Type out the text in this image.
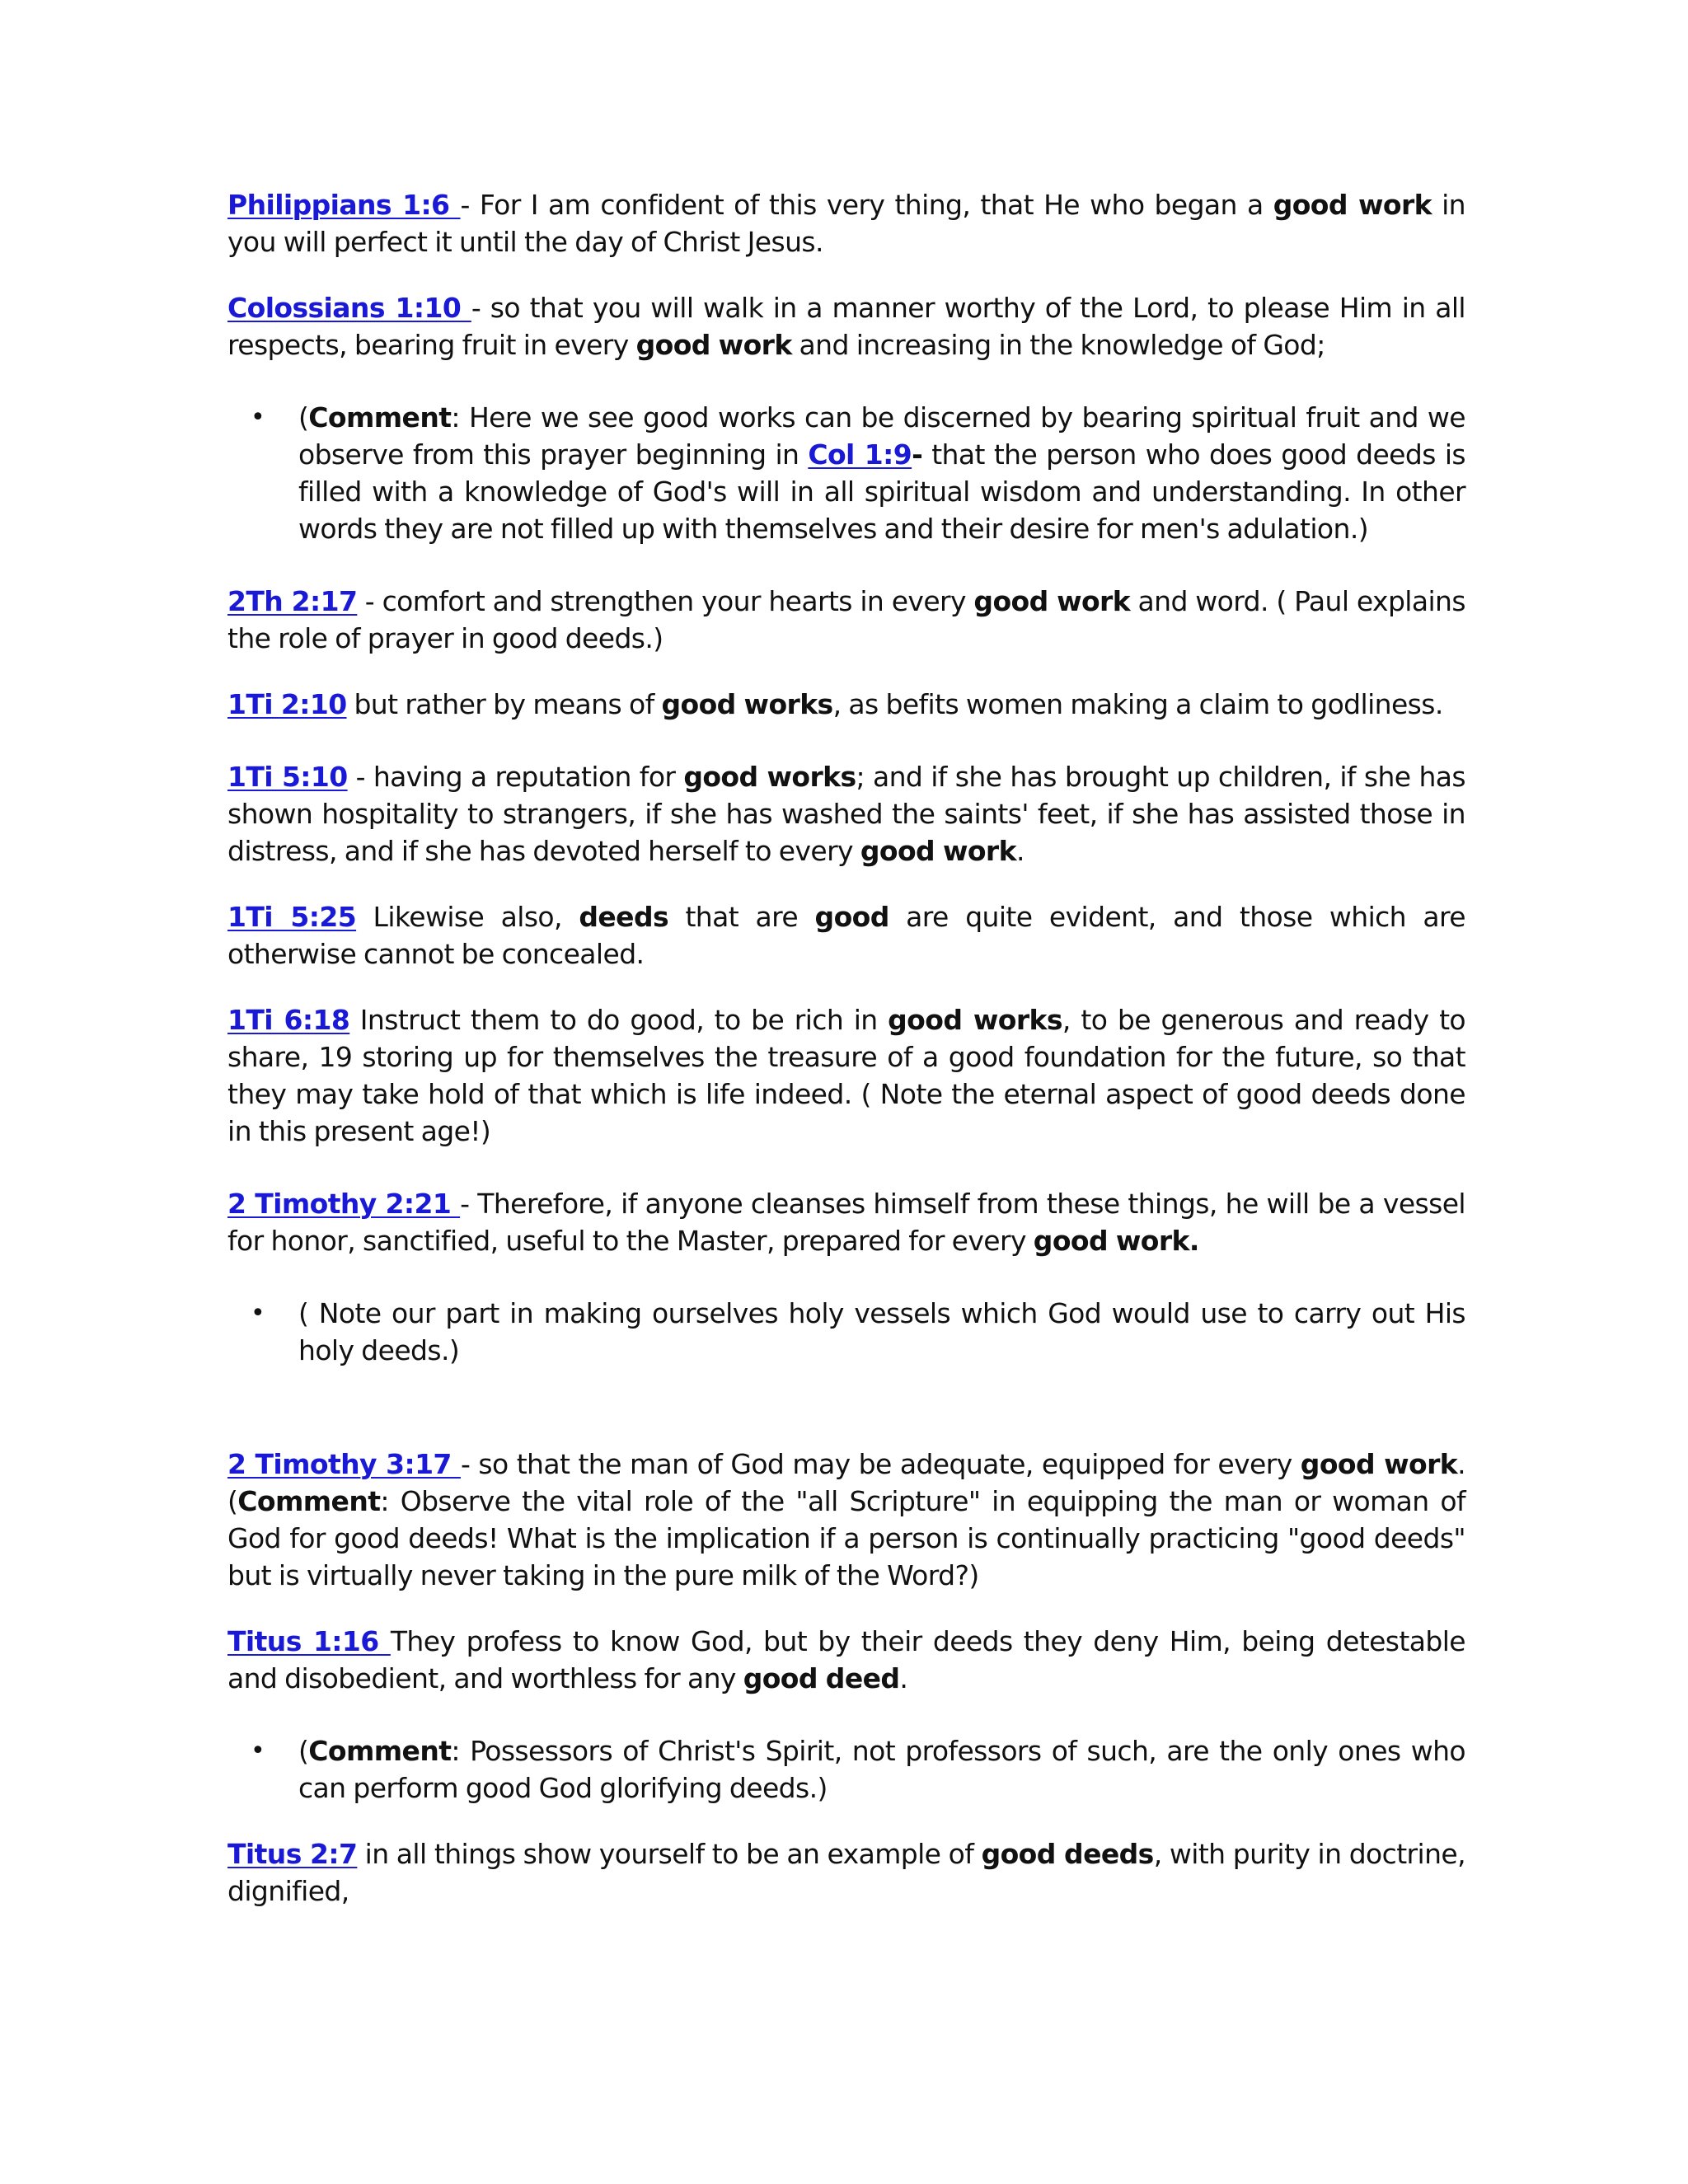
Philippians 1:6 - For I am confident of this very thing, that He who began a good work in you will perfect it until the day of Christ Jesus.

Colossians 1:10 - so that you will walk in a manner worthy of the Lord, to please Him in all respects, bearing fruit in every good work and increasing in the knowledge of God;

• (Comment: Here we see good works can be discerned by bearing spiritual fruit and we observe from this prayer beginning in Col 1:9- that the person who does good deeds is filled with a knowledge of God's will in all spiritual wisdom and understanding. In other words they are not filled up with themselves and their desire for men's adulation.)

2Th 2:17 - comfort and strengthen your hearts in every good work and word. ( Paul explains the role of prayer in good deeds.)

1Ti 2:10 but rather by means of good works, as befits women making a claim to godliness.

1Ti 5:10 - having a reputation for good works; and if she has brought up children, if she has shown hospitality to strangers, if she has washed the saints' feet, if she has assisted those in distress, and if she has devoted herself to every good work.

1Ti 5:25 Likewise also, deeds that are good are quite evident, and those which are otherwise cannot be concealed.

1Ti 6:18 Instruct them to do good, to be rich in good works, to be generous and ready to share, 19 storing up for themselves the treasure of a good foundation for the future, so that they may take hold of that which is life indeed. ( Note the eternal aspect of good deeds done in this present age!)

2 Timothy 2:21 - Therefore, if anyone cleanses himself from these things, he will be a vessel for honor, sanctified, useful to the Master, prepared for every good work.

• ( Note our part in making ourselves holy vessels which God would use to carry out His holy deeds.)

2 Timothy 3:17 - so that the man of God may be adequate, equipped for every good work. (Comment: Observe the vital role of the "all Scripture" in equipping the man or woman of God for good deeds! What is the implication if a person is continually practicing "good deeds" but is virtually never taking in the pure milk of the Word?)

Titus 1:16 They profess to know God, but by their deeds they deny Him, being detestable and disobedient, and worthless for any good deed.

• (Comment: Possessors of Christ's Spirit, not professors of such, are the only ones who can perform good God glorifying deeds.)

Titus 2:7 in all things show yourself to be an example of good deeds, with purity in doctrine, dignified,
